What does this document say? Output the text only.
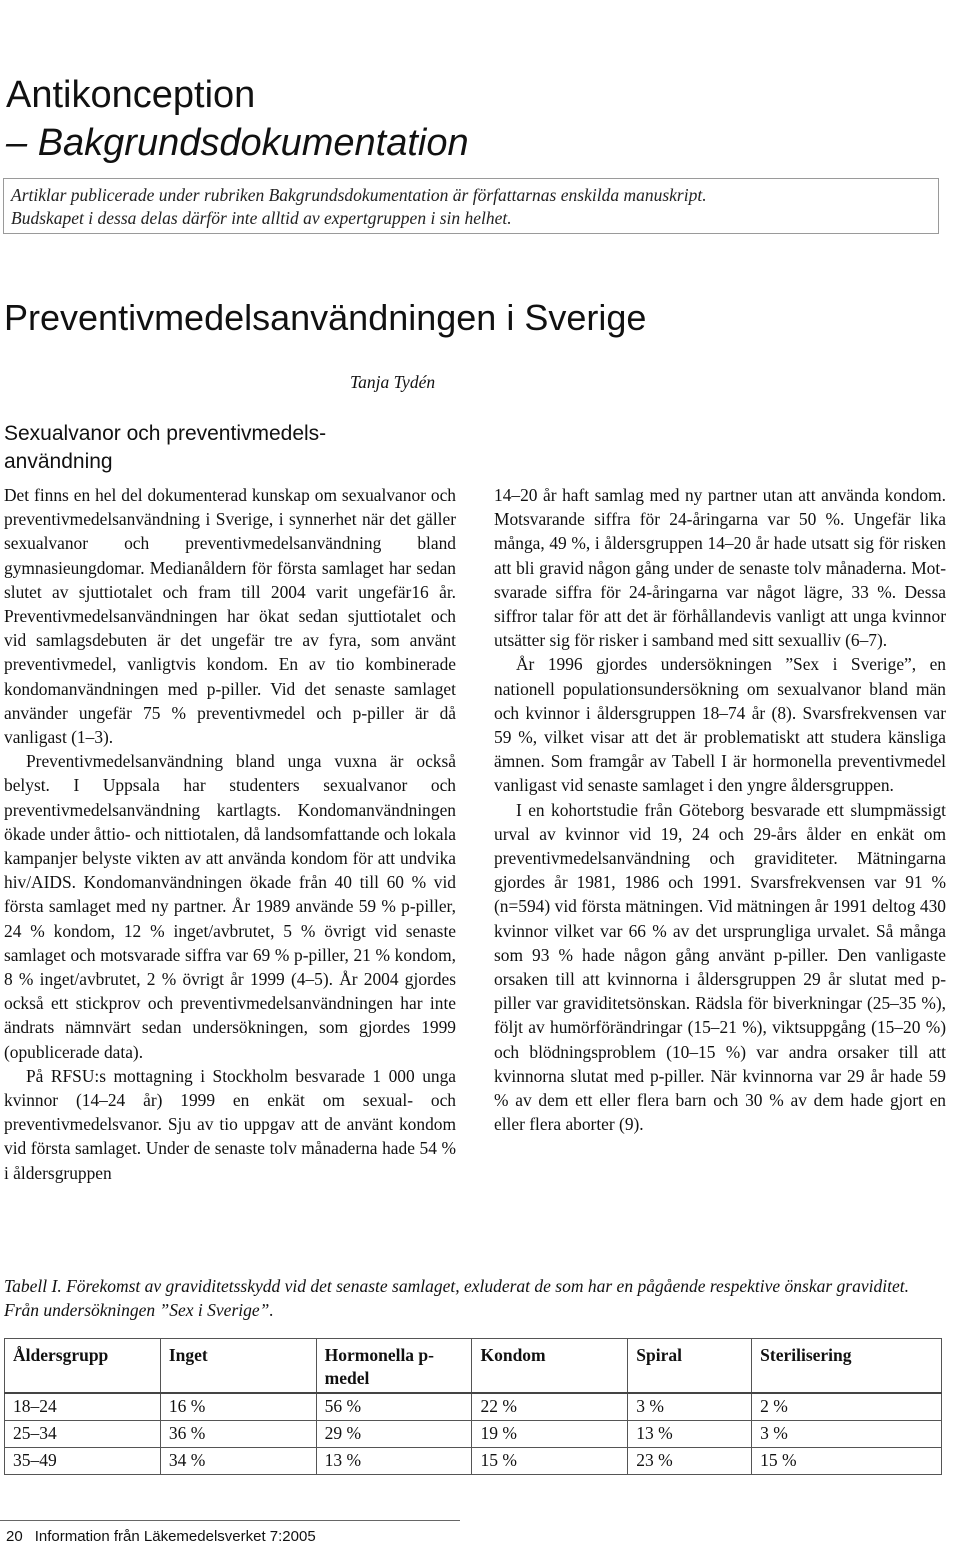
Antikonception
– Bakgrundsdokumentation
Artiklar publicerade under rubriken Bakgrundsdokumentation är författarnas enskilda manuskript.
Budskapet i dessa delas därför inte alltid av expertgruppen i sin helhet.
Preventivmedelsanvändningen i Sverige
Tanja Tydén
Sexualvanor och preventivmedels-
användning

Det finns en hel del dokumenterad kunskap om sexualvanor och preventivmedelsanvändning i Sverige, i synnerhet när det gäller sexualvanor och preventivmedelsanvändning bland gymnasieungdomar. Medianåldern för första samlaget har sedan slutet av sjuttiotalet och fram till 2004 varit ungefär16 år. Preventivmedelsanvändningen har ökat sedan sjuttiotalet och vid samlagsdebuten är det ungefär tre av fyra, som använt preventivmedel, vanligtvis kondom. En av tio kombinerade kondomanvändningen med p-piller. Vid det senaste samlaget använder ungefär 75 % preventivmedel och p-piller är då vanligast (1–3).

Preventivmedelsanvändning bland unga vuxna är också belyst. I Uppsala har studenters sexualvanor och preventivmedelsanvändning kartlagts. Kondomanvändningen ökade under åttio- och nittiotalen, då landsomfattande och lokala kampanjer belyste vikten av att använda kondom för att undvika hiv/AIDS. Kondomanvändningen ökade från 40 till 60 % vid första samlaget med ny partner. År 1989 använde 59 % p-piller, 24 % kondom, 12 % inget/avbrutet, 5 % övrigt vid senaste samlaget och motsvarade siffra var 69 % p-piller, 21 % kondom, 8 % inget/avbrutet, 2 % övrigt år 1999 (4–5). År 2004 gjordes också ett stickprov och preventivmedelsanvändningen har inte ändrats nämnvärt sedan undersökningen, som gjordes 1999 (opublicerade data).

På RFSU:s mottagning i Stockholm besvarade 1 000 unga kvinnor (14–24 år) 1999 en enkät om sexual- och preventivmedelsvanor. Sju av tio uppgav att de använt kondom vid första samlaget. Under de senaste tolv månaderna hade 54 % i åldersgruppen

14–20 år haft samlag med ny partner utan att använda kondom. Motsvarande siffra för 24-åringarna var 50 %. Ungefär lika många, 49 %, i åldersgruppen 14–20 år hade utsatt sig för risken att bli gravid någon gång under de senaste tolv månaderna. Motsvarade siffra för 24-åringarna var något lägre, 33 %. Dessa siffror talar för att det är förhållandevis vanligt att unga kvinnor utsätter sig för risker i samband med sitt sexualliv (6–7).

År 1996 gjordes undersökningen ”Sex i Sverige”, en nationell populationsundersökning om sexualvanor bland män och kvinnor i åldersgruppen 18–74 år (8). Svarsfrekvensen var 59 %, vilket visar att det är problematiskt att studera känsliga ämnen. Som framgår av Tabell I är hormonella preventivmedel vanligast vid senaste samlaget i den yngre åldersgruppen.

I en kohortstudie från Göteborg besvarade ett slumpmässigt urval av kvinnor vid 19, 24 och 29-års ålder en enkät om preventivmedelsanvändning och graviditeter. Mätningarna gjordes år 1981, 1986 och 1991. Svarsfrekvensen var 91 % (n=594) vid första mätningen. Vid mätningen år 1991 deltog 430 kvinnor vilket var 66 % av det ursprungliga urvalet. Så många som 93 % hade någon gång använt p-piller. Den vanligaste orsaken till att kvinnorna i åldersgruppen 29 år slutat med p-piller var graviditetsönskan. Rädsla för biverkningar (25–35 %), följt av humörförändringar (15–21 %), viktsuppgång (15–20 %) och blödningsproblem (10–15 %) var andra orsaker till att kvinnorna slutat med p-piller. När kvinnorna var 29 år hade 59 % av dem ett eller flera barn och 30 % av dem hade gjort en eller flera aborter (9).

Tabell I. Förekomst av graviditetsskydd vid det senaste samlaget, exluderat de som har en pågående respektive önskar graviditet. Från undersökningen ”Sex i Sverige”.
Åldersgrupp	Inget	Hormonella p-medel	Kondom	Spiral	Sterilisering
18–24	16 %	56 %	22 %	3 %	2 %
25–34	36 %	29 %	19 %	13 %	3 %
35–49	34 %	13 %	15 %	23 %	15 %
20 Information från Läkemedelsverket 7:2005
